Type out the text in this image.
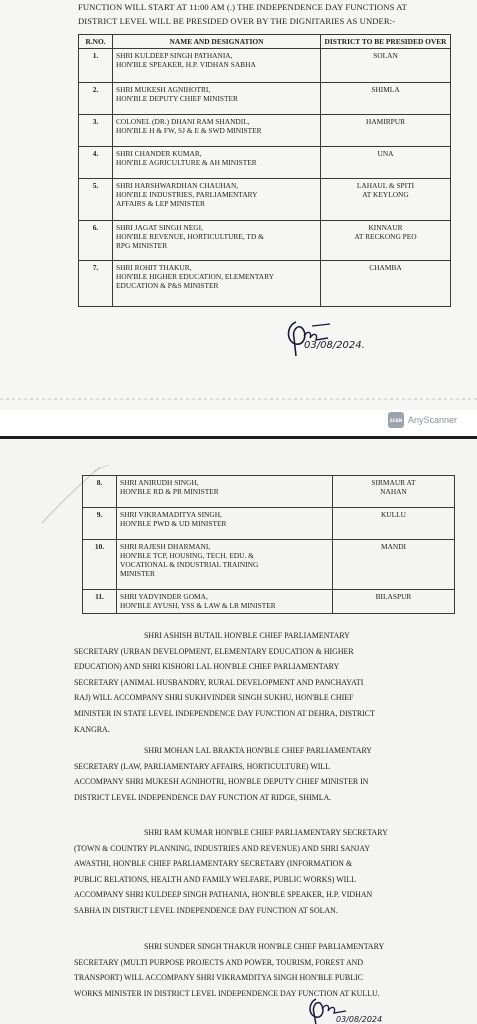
FUNCTION WILL START AT 11:00 AM (.) THE INDEPENDENCE DAY FUNCTIONS AT
DISTRICT LEVEL WILL BE PRESIDED OVER BY THE DIGNITARIES AS UNDER:-
R.NO.	NAME AND DESIGNATION	DISTRICT TO BE PRESIDED OVER
1.	SHRI KULDEEP SINGH PATHANIA,
HON'BLE SPEAKER, H.P. VIDHAN SABHA	SOLAN

2.	SHRI MUKESH AGNIHOTRI,
HON'BLE DEPUTY CHIEF MINISTER	SHIMLA

3.	COLONEL (DR.) DHANI RAM SHANDIL,
HON'BLE H & FW, SJ & E & SWD MINISTER	HAMIRPUR

4.	SHRI CHANDER KUMAR,
HON'BLE AGRICULTURE & AH MINISTER	UNA

5.	SHRI HARSHWARDHAN CHAUHAN,
HON'BLE INDUSTRIES, PARLIAMENTARY
AFFAIRS & LEP MINISTER	LAHAUL & SPITI
AT KEYLONG

6.	SHRI JAGAT SINGH NEGI,
HON'BLE REVENUE, HORTICULTURE, TD &
RPG MINISTER	KINNAUR
AT RECKONG PEO

7.	SHRI ROHIT THAKUR,
HON'BLE HIGHER EDUCATION, ELEMENTARY
EDUCATION & P&S MINISTER	CHAMBA
03/08/2024.
SCAN AnyScanner
8.	SHRI ANIRUDH SINGH,
HON'BLE RD & PR MINISTER	SIRMAUR AT
NAHAN

9.	SHRI VIKRAMADITYA SINGH,
HON'BLE PWD & UD MINISTER	KULLU

10.	SHRI RAJESH DHARMANI,
HON'BLE TCP, HOUSING, TECH. EDU. &
VOCATIONAL & INDUSTRIAL TRAINING
MINISTER	MANDI

11.	SHRI YADVINDER GOMA,
HON'BLE AYUSH, YSS & LAW & LR MINISTER	BILASPUR
SHRI ASHISH BUTAIL HON'BLE CHIEF PARLIAMENTARY
SECRETARY (URBAN DEVELOPMENT, ELEMENTARY EDUCATION & HIGHER
EDUCATION) AND SHRI KISHORI LAL HON'BLE CHIEF PARLIAMENTARY
SECRETARY (ANIMAL HUSBANDRY, RURAL DEVELOPMENT AND PANCHAYATI
RAJ) WILL ACCOMPANY SHRI SUKHVINDER SINGH SUKHU, HON'BLE CHIEF
MINISTER IN STATE LEVEL INDEPENDENCE DAY FUNCTION AT DEHRA, DISTRICT
KANGRA.
SHRI MOHAN LAL BRAKTA HON'BLE CHIEF PARLIAMENTARY
SECRETARY (LAW, PARLIAMENTARY AFFAIRS, HORTICULTURE) WILL
ACCOMPANY SHRI MUKESH AGNIHOTRI, HON'BLE DEPUTY CHIEF MINISTER IN
DISTRICT LEVEL INDEPENDENCE DAY FUNCTION AT RIDGE, SHIMLA.
SHRI RAM KUMAR HON'BLE CHIEF PARLIAMENTARY SECRETARY
(TOWN & COUNTRY PLANNING, INDUSTRIES AND REVENUE) AND SHRI SANJAY
AWASTHI, HON'BLE CHIEF PARLIAMENTARY SECRETARY (INFORMATION &
PUBLIC RELATIONS, HEALTH AND FAMILY WELFARE, PUBLIC WORKS) WILL
ACCOMPANY SHRI KULDEEP SINGH PATHANIA, HON'BLE SPEAKER, H.P. VIDHAN
SABHA IN DISTRICT LEVEL INDEPENDENCE DAY FUNCTION AT SOLAN.
SHRI SUNDER SINGH THAKUR HON'BLE CHIEF PARLIAMENTARY
SECRETARY (MULTI PURPOSE PROJECTS AND POWER, TOURISM, FOREST AND
TRANSPORT) WILL ACCOMPANY SHRI VIKRAMDITYA SINGH HON'BLE PUBLIC
WORKS MINISTER IN DISTRICT LEVEL INDEPENDENCE DAY FUNCTION AT KULLU.
03/08/2024
